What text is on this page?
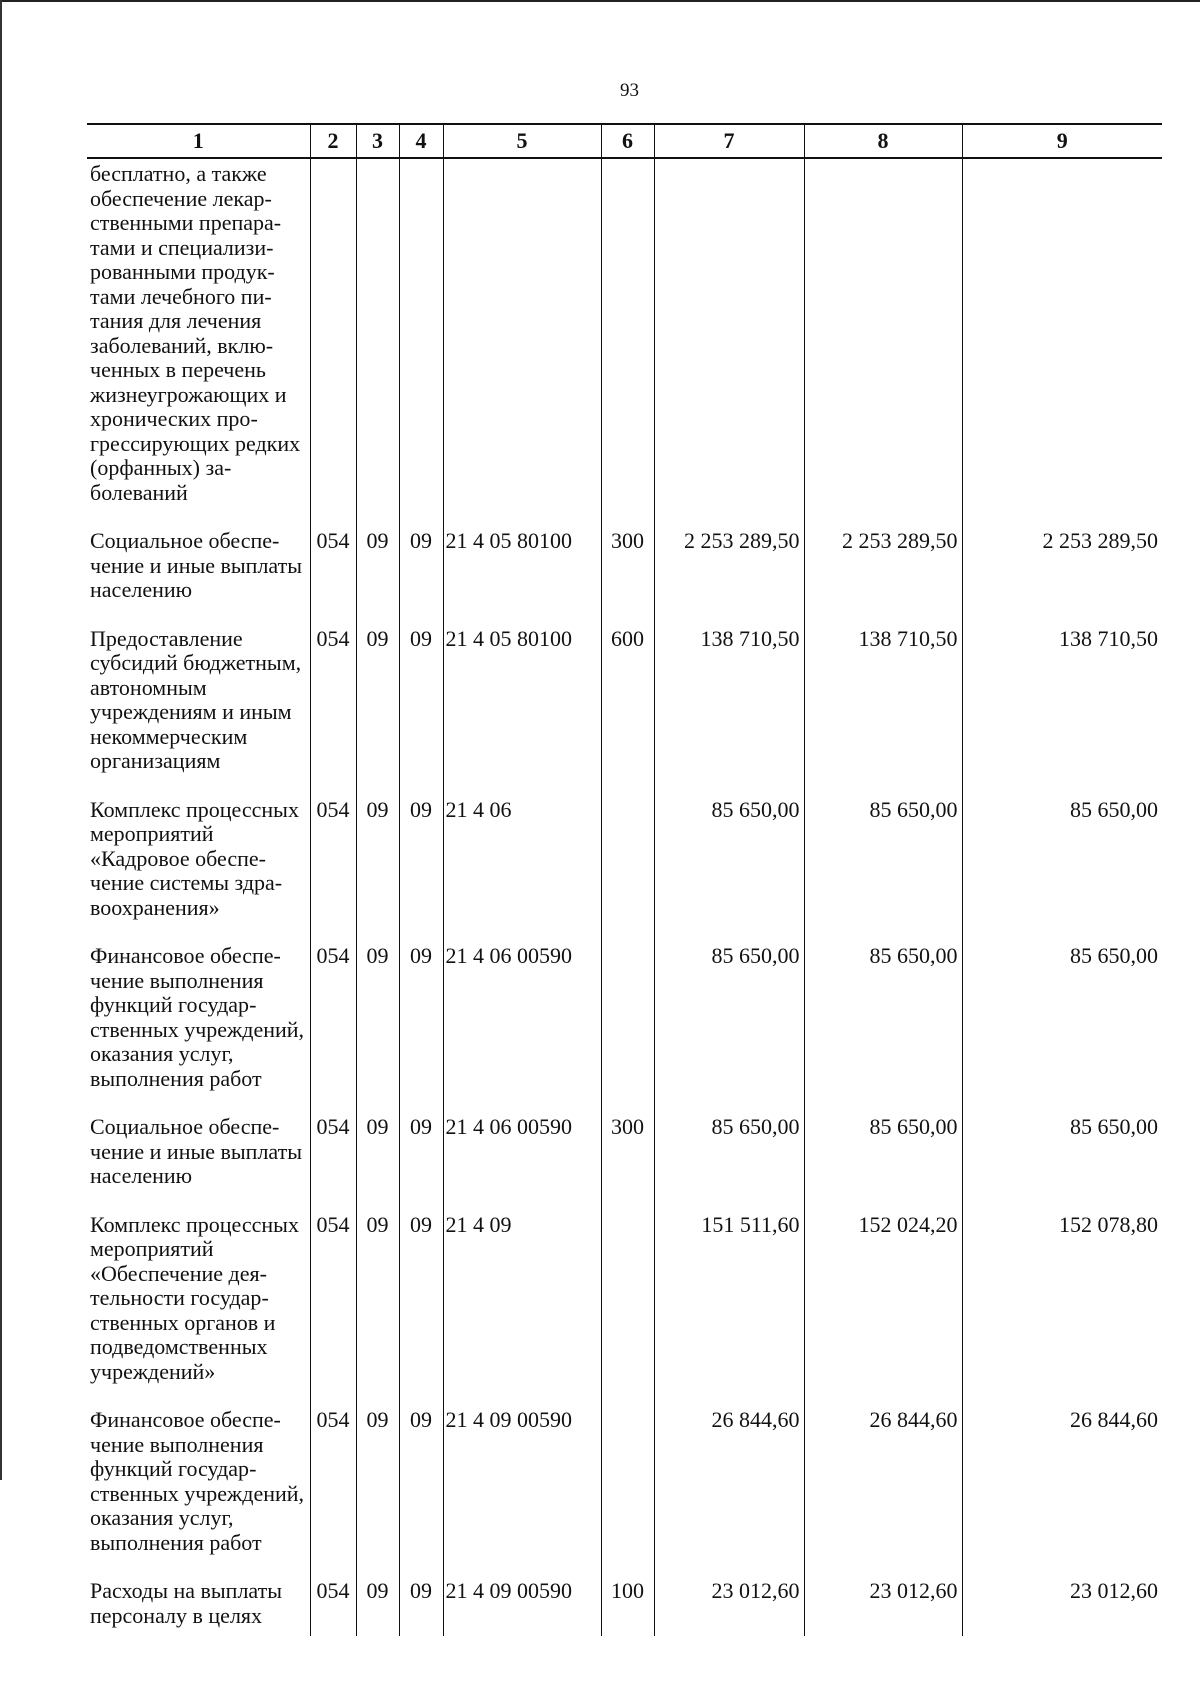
93
1	2	3	4	5	6	7	8	9
бесплатно, а также обеспечение лекарственными препаратами и специализированными продуктами лечебного питания для лечения заболеваний, включенных в перечень жизнеугрожающих и хронических прогрессирующих редких (орфанных) заболеваний								
Социальное обеспечение и иные выплаты населению	054	09	09	21 4 05 80100	300	2 253 289,50	2 253 289,50	2 253 289,50
Предоставление субсидий бюджетным, автономным учреждениям и иным некоммерческим организациям	054	09	09	21 4 05 80100	600	138 710,50	138 710,50	138 710,50
Комплекс процессных мероприятий «Кадровое обеспечение системы здравоохранения»	054	09	09	21 4 06		85 650,00	85 650,00	85 650,00
Финансовое обеспечение выполнения функций государственных учреждений, оказания услуг, выполнения работ	054	09	09	21 4 06 00590		85 650,00	85 650,00	85 650,00
Социальное обеспечение и иные выплаты населению	054	09	09	21 4 06 00590	300	85 650,00	85 650,00	85 650,00
Комплекс процессных мероприятий «Обеспечение деятельности государственных органов и подведомственных учреждений»	054	09	09	21 4 09		151 511,60	152 024,20	152 078,80
Финансовое обеспечение выполнения функций государственных учреждений, оказания услуг, выполнения работ	054	09	09	21 4 09 00590		26 844,60	26 844,60	26 844,60
Расходы на выплаты персоналу в целях	054	09	09	21 4 09 00590	100	23 012,60	23 012,60	23 012,60
